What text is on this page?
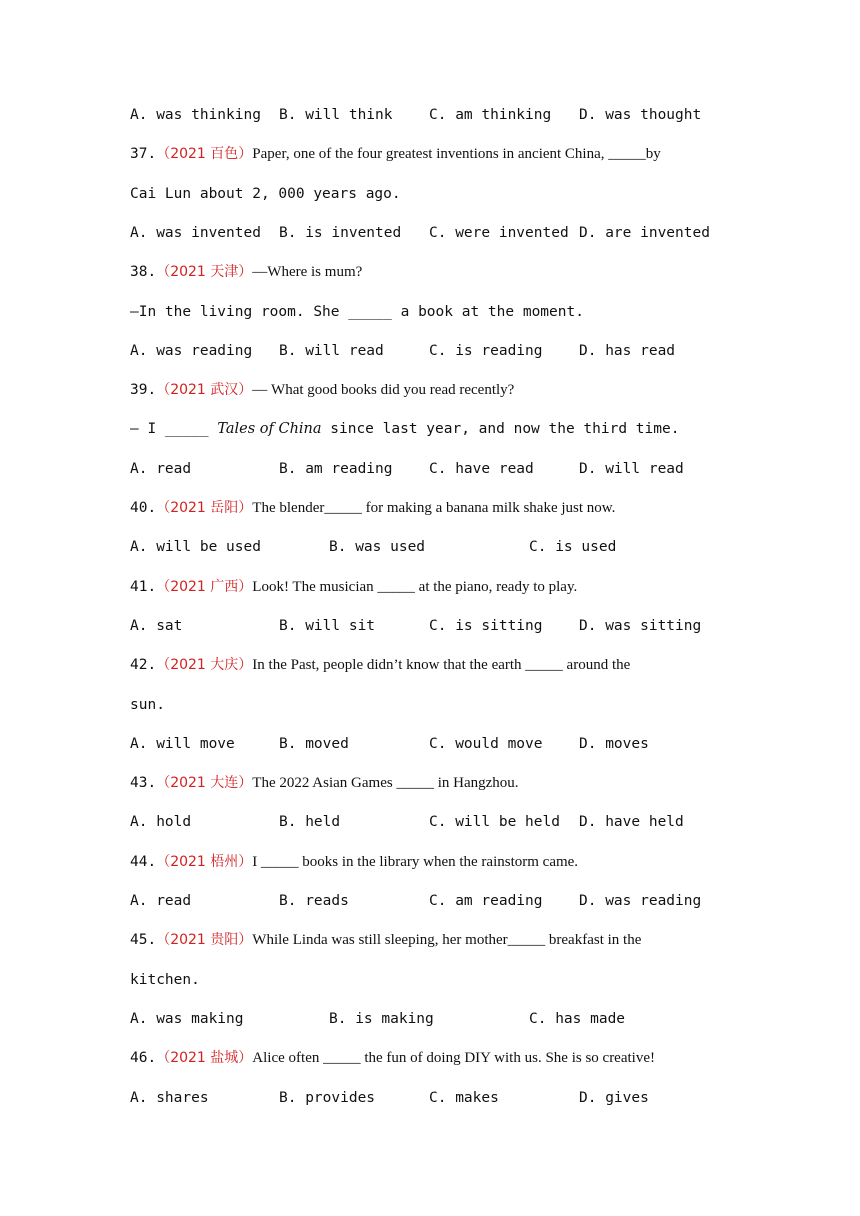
A. was thinking B. will think	C. am thinking D. was thought
37.（2021 百色）Paper, one of the four greatest inventions in ancient China, _____by
Cai Lun about 2, 000 years ago.
A. was invented B. is invented C. were invented D. are invented
38.（2021 天津）—Where is mum?
—In the living room. She _____ a book at the moment.
A. was reading B. will read	C. is reading	D. has read
39.（2021 武汉）— What good books did you read recently?
— I _____ Tales of China since last year, and now the third time.
A. read	B. am reading	C. have read	D. will read
40.（2021 岳阳）The blender_____ for making a banana milk shake just now.
A. will be used	B. was used	C. is used
41.（2021 广西）Look! The musician _____ at the piano, ready to play.
A. sat	B. will sit	C. is sitting	D. was sitting
42.（2021 大庆）In the Past, people didn’t know that the earth _____ around the
sun.
A. will move	B. moved	C. would move	D. moves
43.（2021 大连）The 2022 Asian Games _____ in Hangzhou.
A. hold	B. held	C. will be held D. have held
44.（2021 梧州）I _____ books in the library when the rainstorm came.
A. read	B. reads	C. am reading	D. was reading
45.（2021 贵阳）While Linda was still sleeping, her mother_____ breakfast in the
kitchen.
A. was making	B. is making	C. has made
46.（2021 盐城）Alice often _____ the fun of doing DIY with us. She is so creative!
A. shares	B. provides	C. makes	D. gives
